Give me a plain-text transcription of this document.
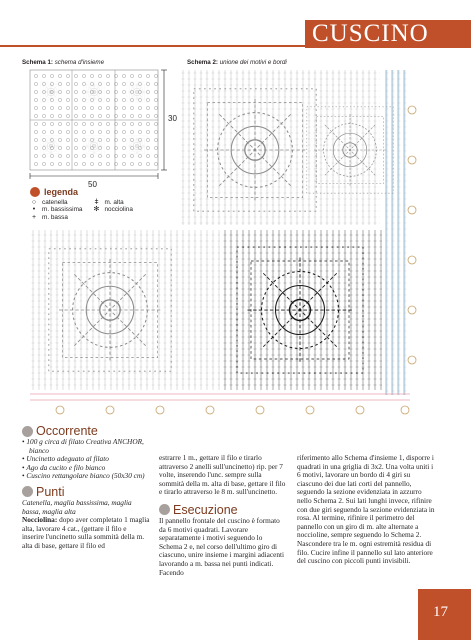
CUSCINO
Schema 1: schema d'insieme	Schema 2: unione dei motivi e bordi
30
50
legenda
○ catenella
•	m. bassissima
+ m. bassa
ǂ m. alta
✻ nocciolina
Occorrente
• 100 g circa di filato Creativa ANCHOR, bianco
• Uncinetto adeguato al filato
• Ago da cucito e filo bianco
• Cuscino rettangolare bianco (50x30 cm)
Punti

Catenella, maglia bassissima, maglia bassa, maglia alta

Nocciolina: dopo aver completato 1 maglia alta, lavorare 4 cat., (gettare il filo e inserire l'uncinetto sulla sommità della m. alta di base, gettare il filo ed

estrarre 1 m., gettare il filo e tirarlo attraverso 2 anelli sull'uncinetto) rip. per 7 volte, inserendo l'unc. sempre sulla sommità della m. alta di base, gettare il filo e tirarlo attraverso le 8 m. sull'uncinetto.

Esecuzione

Il pannello frontale del cuscino è formato da 6 motivi quadrati. Lavorare separatamente i motivi seguendo lo Schema 2 e, nel corso dell'ultimo giro di ciascuno, unire insieme i margini adiacenti lavorando a m. bassa nei punti indicati. Facendo

riferimento allo Schema d'insieme 1, disporre i quadrati in una griglia di 3x2. Una volta uniti i 6 motivi, lavorare un bordo di 4 giri su ciascuno dei due lati corti del pannello, seguendo la sezione evidenziata in azzurro nello Schema 2. Sui lati lunghi invece, rifinire con due giri seguendo la sezione evidenziata in rosa. Al termine, rifinire il perimetro del pannello con un giro di m. alte alternate a noccioline, sempre seguendo lo Schema 2. Nascondere tra le m. ogni estremità residua di filo. Cucire infine il pannello sul lato anteriore del cuscino con piccoli punti invisibili.

17
